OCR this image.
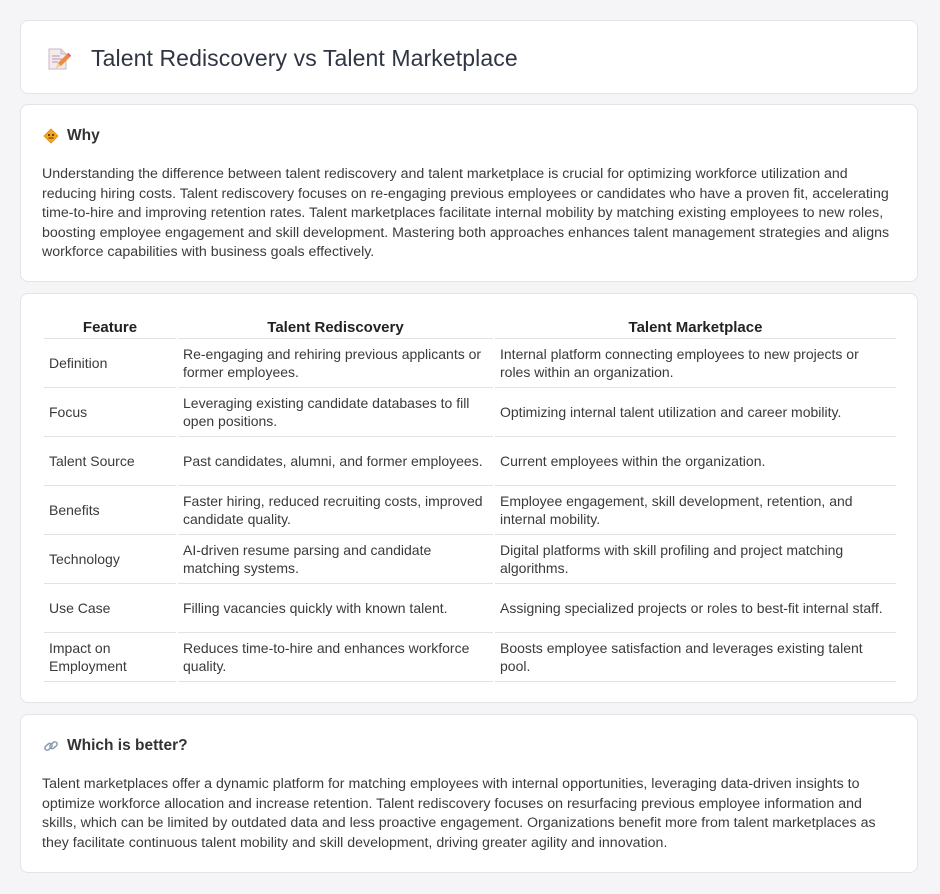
Talent Rediscovery vs Talent Marketplace
Why
Understanding the difference between talent rediscovery and talent marketplace is crucial for optimizing workforce utilization and reducing hiring costs. Talent rediscovery focuses on re-engaging previous employees or candidates who have a proven fit, accelerating time-to-hire and improving retention rates. Talent marketplaces facilitate internal mobility by matching existing employees to new roles, boosting employee engagement and skill development. Mastering both approaches enhances talent management strategies and aligns workforce capabilities with business goals effectively.
Feature	Talent Rediscovery	Talent Marketplace
Definition	Re-engaging and rehiring previous applicants or former employees.	Internal platform connecting employees to new projects or roles within an organization.
Focus	Leveraging existing candidate databases to fill open positions.	Optimizing internal talent utilization and career mobility.
Talent Source	Past candidates, alumni, and former employees.	Current employees within the organization.
Benefits	Faster hiring, reduced recruiting costs, improved candidate quality.	Employee engagement, skill development, retention, and internal mobility.
Technology	AI-driven resume parsing and candidate matching systems.	Digital platforms with skill profiling and project matching algorithms.
Use Case	Filling vacancies quickly with known talent.	Assigning specialized projects or roles to best-fit internal staff.
Impact on Employment	Reduces time-to-hire and enhances workforce quality.	Boosts employee satisfaction and leverages existing talent pool.
Which is better?
Talent marketplaces offer a dynamic platform for matching employees with internal opportunities, leveraging data-driven insights to optimize workforce allocation and increase retention. Talent rediscovery focuses on resurfacing previous employee information and skills, which can be limited by outdated data and less proactive engagement. Organizations benefit more from talent marketplaces as they facilitate continuous talent mobility and skill development, driving greater agility and innovation.
